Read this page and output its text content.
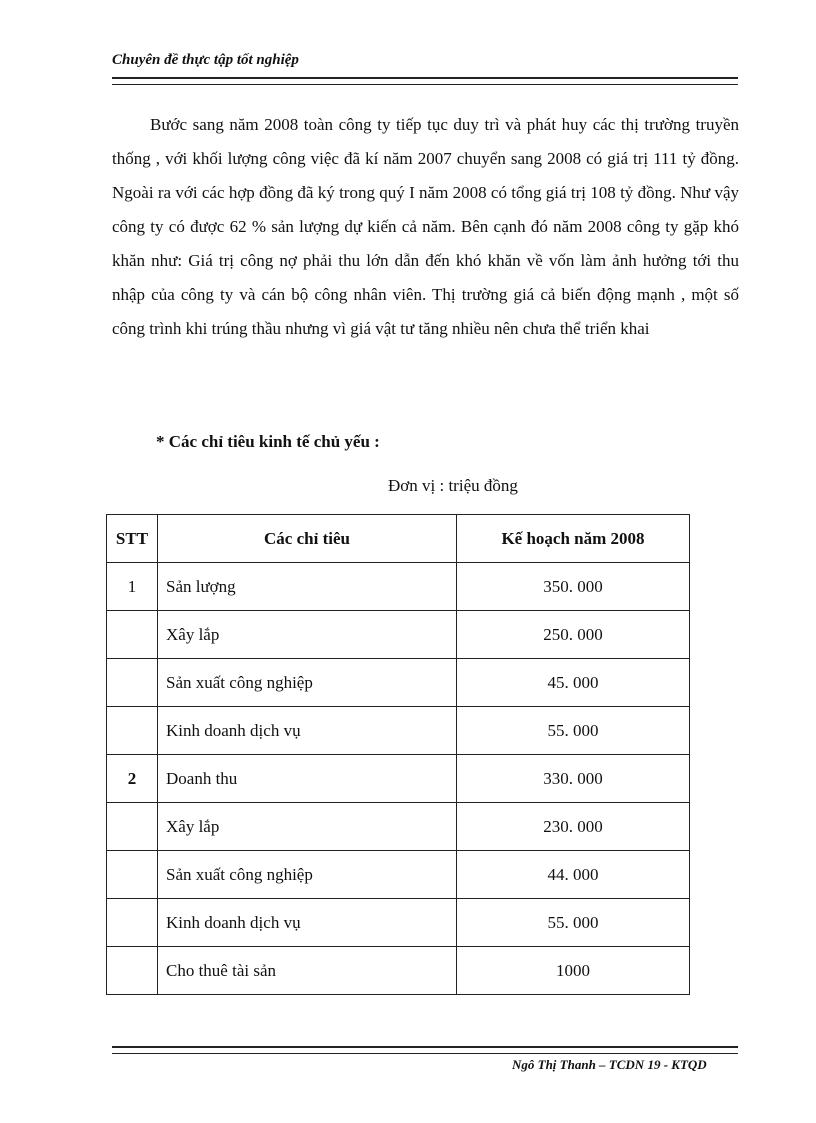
Chuyên đề thực tập tốt nghiệp

Bước sang năm 2008 toàn công ty tiếp tục duy trì và phát huy các thị trường truyền thống , với khối lượng công việc đã kí năm 2007 chuyển sang 2008 có giá trị 111 tỷ đồng. Ngoài ra với các hợp đồng đã ký trong quý I năm 2008 có tổng giá trị 108 tỷ đồng. Như vậy công ty có được 62 % sản lượng dự kiến cả năm. Bên cạnh đó năm 2008 công ty gặp khó khăn như: Giá trị công nợ phải thu lớn dẫn đến khó khăn về vốn làm ảnh hưởng tới thu nhập của công ty và cán bộ công nhân viên. Thị trường giá cả biến động mạnh , một số công trình khi trúng thầu nhưng vì giá vật tư tăng nhiều nên chưa thể triển khai

* Các chỉ tiêu kinh tế chủ yếu :
Đơn vị : triệu đồng
STT	Các chỉ tiêu	Kế hoạch năm 2008
1	Sản lượng	350. 000
	Xây lắp	250. 000
	Sản xuất công nghiệp	45. 000
	Kinh doanh dịch vụ	55. 000
2	Doanh thu	330. 000
	Xây lắp	230. 000
	Sản xuất công nghiệp	44. 000
	Kinh doanh dịch vụ	55. 000
	Cho thuê tài sản	1000
Ngô Thị Thanh – TCDN 19 - KTQD
